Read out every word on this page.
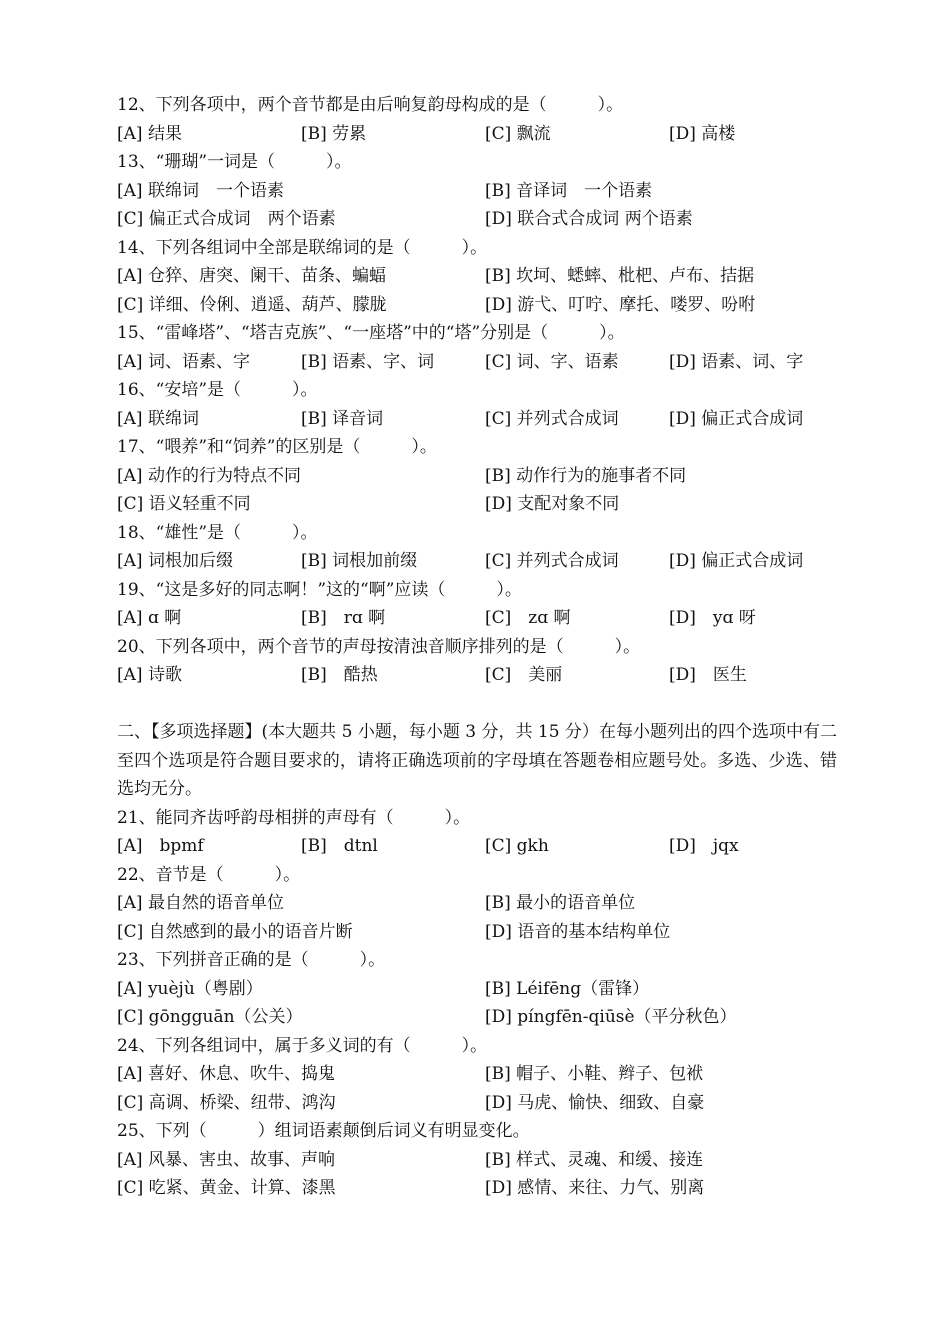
12、下列各项中，两个音节都是由后响复韵母构成的是（　　　）。
[A] 结果	[B] 劳累	[C] 飘流	[D] 高楼
13、“珊瑚”一词是（　　　）。
[A] 联绵词　一个语素	[B] 音译词　一个语素
[C] 偏正式合成词　两个语素	[D] 联合式合成词 两个语素
14、下列各组词中全部是联绵词的是（　　　）。
[A] 仓猝、唐突、阑干、苗条、蝙蝠	[B] 坎坷、蟋蟀、枇杷、卢布、拮据
[C] 详细、伶俐、逍遥、葫芦、朦胧	[D] 游弋、叮咛、摩托、喽罗、吩咐
15、“雷峰塔”、“塔吉克族”、“一座塔”中的“塔”分别是（　　　）。
[A] 词、语素、字	[B] 语素、字、词	[C] 词、字、语素	[D] 语素、词、字
16、“安培”是（　　　）。
[A] 联绵词	[B] 译音词	[C] 并列式合成词	[D] 偏正式合成词
17、“喂养”和“饲养”的区别是（　　　）。
[A] 动作的行为特点不同	[B] 动作行为的施事者不同
[C] 语义轻重不同	[D] 支配对象不同
18、“雄性”是（　　　）。
[A] 词根加后缀	[B] 词根加前缀	[C] 并列式合成词	[D] 偏正式合成词
19、“这是多好的同志啊！”这的“啊”应读（　　　）。
[A] ɑ 啊	[B]　rɑ 啊	[C]　zɑ 啊	[D]　yɑ 呀
20、下列各项中，两个音节的声母按清浊音顺序排列的是（　　　）。
[A] 诗歌	[B]　酷热	[C]　美丽	[D]　医生
二、【多项选择题】(本大题共 5 小题，每小题 3 分，共 15 分）在每小题列出的四个选项中有二至四个选项是符合题目要求的，请将正确选项前的字母填在答题卷相应题号处。多选、少选、错选均无分。
21、能同齐齿呼韵母相拼的声母有（　　　）。
[A]　bpmf	[B]　dtnl	[C] gkh	[D]　jqx
22、音节是（　　　）。
[A] 最自然的语音单位	[B] 最小的语音单位
[C] 自然感到的最小的语音片断	[D] 语音的基本结构单位
23、下列拼音正确的是（　　　）。
[A] yuèjù（粤剧）	[B] Léifēng（雷锋）
[C] gōngguān（公关）	[D] píngfēn-qiūsè（平分秋色）
24、下列各组词中，属于多义词的有（　　　）。
[A] 喜好、休息、吹牛、捣鬼	[B] 帽子、小鞋、辫子、包袱
[C] 高调、桥梁、纽带、鸿沟	[D] 马虎、愉快、细致、自豪
25、下列（　　　）组词语素颠倒后词义有明显变化。
[A] 风暴、害虫、故事、声响	[B] 样式、灵魂、和缓、接连
[C] 吃紧、黄金、计算、漆黑	[D] 感情、来往、力气、别离
